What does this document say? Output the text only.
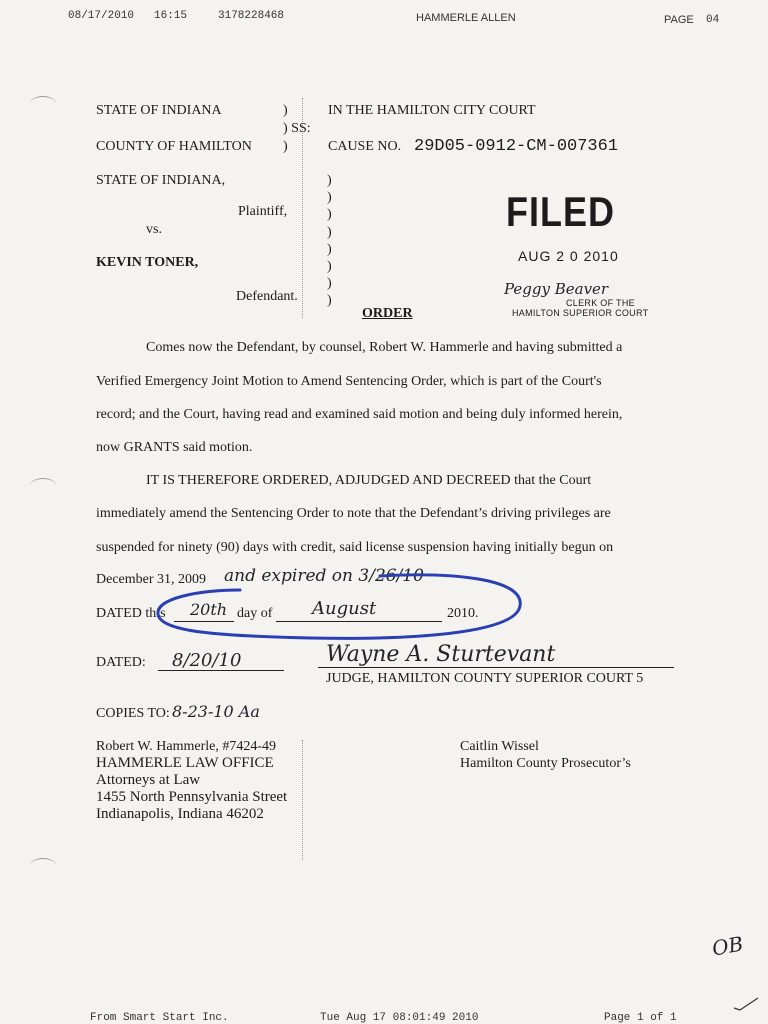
08/17/2010 16:15	3178228468	HAMMERLE ALLEN	PAGE 04
STATE OF INDIANA	)
) SS:
COUNTY OF HAMILTON )
IN THE HAMILTON CITY COURT
CAUSE NO. 29D05-0912-CM-007361
STATE OF INDIANA,
Plaintiff,
vs.
KEVIN TONER,
Defendant.
)
)
)
)
)
)
)
)
FILED
AUG 2 0 2010
Peggy Beaver
CLERK OF THE
HAMILTON SUPERIOR COURT
ORDER
Comes now the Defendant, by counsel, Robert W. Hammerle and having submitted a
Verified Emergency Joint Motion to Amend Sentencing Order, which is part of the Court's
record; and the Court, having read and examined said motion and being duly informed herein,
now GRANTS said motion.
IT IS THEREFORE ORDERED, ADJUDGED AND DECREED that the Court
immediately amend the Sentencing Order to note that the Defendant’s driving privileges are
suspended for ninety (90) days with credit, said license suspension having initially begun on
December 31, 2009 and expired on 3/26/10
DATED this 20th day of August	2010.
DATED: 8/20/10	Wayne A. Sturtevant
JUDGE, HAMILTON COUNTY SUPERIOR COURT 5
COPIES TO: 8-23-10 Aa
Robert W. Hammerle, #7424-49
HAMMERLE LAW OFFICE
Attorneys at Law
1455 North Pennsylvania Street
Indianapolis, Indiana 46202
Caitlin Wissel
Hamilton County Prosecutor’s
OB
From Smart Start Inc.	Tue Aug 17 08:01:49 2010	Page 1 of 1
